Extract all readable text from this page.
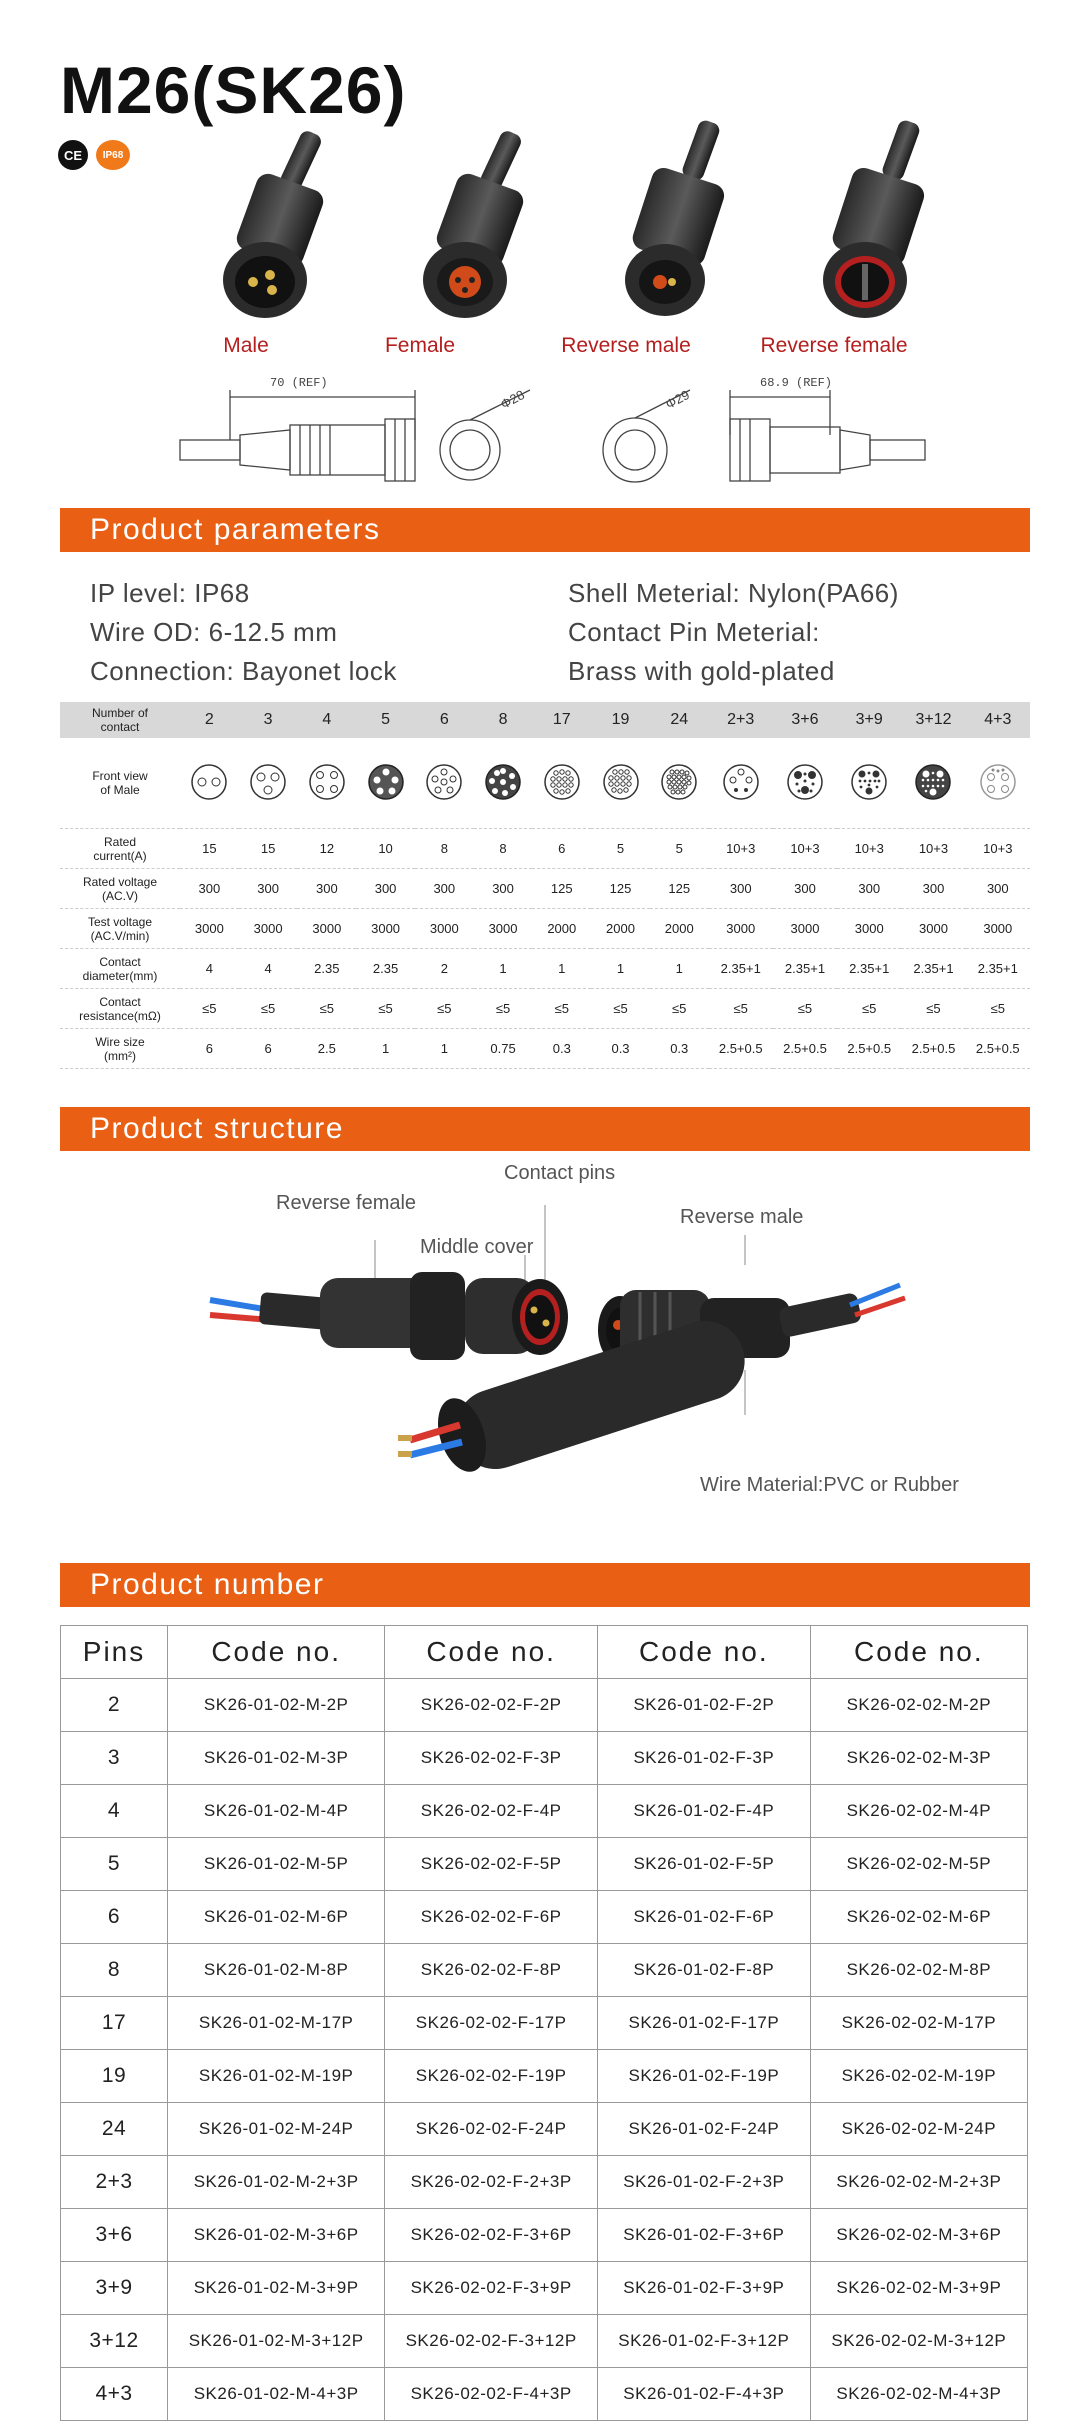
M26(SK26)
CE	IP68
Male	Female	Reverse male	Reverse female
70 (REF)
Φ28	Φ29
68.9 (REF)
Product parameters
IP level: IP68
Wire OD: 6-12.5 mm
Connection: Bayonet lock
Shell Meterial: Nylon(PA66)
Contact Pin Meterial:
Brass with gold-plated
Number of
contact	2	3	4	5	6	8	17	19	24	2+3	3+6	3+9	3+12	4+3
Front view
of Male														
Rated
current(A)	15	15	12	10	8	8	6	5	5	10+3	10+3	10+3	10+3	10+3
Rated voltage
(AC.V)	300	300	300	300	300	300	125	125	125	300	300	300	300	300
Test voltage
(AC.V/min)	3000	3000	3000	3000	3000	3000	2000	2000	2000	3000	3000	3000	3000	3000
Contact
diameter(mm)	4	4	2.35	2.35	2	1	1	1	1	2.35+1	2.35+1	2.35+1	2.35+1	2.35+1
Contact
resistance(mΩ)	≤5	≤5	≤5	≤5	≤5	≤5	≤5	≤5	≤5	≤5	≤5	≤5	≤5	≤5
Wire size
(mm²)	6	6	2.5	1	1	0.75	0.3	0.3	0.3	2.5+0.5	2.5+0.5	2.5+0.5	2.5+0.5	2.5+0.5
Product structure
Reverse female
Contact pins
Middle cover
Reverse male
Wire Material:PVC or Rubber
Product number
Pins	Code no.	Code no.	Code no.	Code no.
2	SK26-01-02-M-2P	SK26-02-02-F-2P	SK26-01-02-F-2P	SK26-02-02-M-2P
3	SK26-01-02-M-3P	SK26-02-02-F-3P	SK26-01-02-F-3P	SK26-02-02-M-3P
4	SK26-01-02-M-4P	SK26-02-02-F-4P	SK26-01-02-F-4P	SK26-02-02-M-4P
5	SK26-01-02-M-5P	SK26-02-02-F-5P	SK26-01-02-F-5P	SK26-02-02-M-5P
6	SK26-01-02-M-6P	SK26-02-02-F-6P	SK26-01-02-F-6P	SK26-02-02-M-6P
8	SK26-01-02-M-8P	SK26-02-02-F-8P	SK26-01-02-F-8P	SK26-02-02-M-8P
17	SK26-01-02-M-17P	SK26-02-02-F-17P	SK26-01-02-F-17P	SK26-02-02-M-17P
19	SK26-01-02-M-19P	SK26-02-02-F-19P	SK26-01-02-F-19P	SK26-02-02-M-19P
24	SK26-01-02-M-24P	SK26-02-02-F-24P	SK26-01-02-F-24P	SK26-02-02-M-24P
2+3	SK26-01-02-M-2+3P	SK26-02-02-F-2+3P	SK26-01-02-F-2+3P	SK26-02-02-M-2+3P
3+6	SK26-01-02-M-3+6P	SK26-02-02-F-3+6P	SK26-01-02-F-3+6P	SK26-02-02-M-3+6P
3+9	SK26-01-02-M-3+9P	SK26-02-02-F-3+9P	SK26-01-02-F-3+9P	SK26-02-02-M-3+9P
3+12	SK26-01-02-M-3+12P	SK26-02-02-F-3+12P	SK26-01-02-F-3+12P	SK26-02-02-M-3+12P
4+3	SK26-01-02-M-4+3P	SK26-02-02-F-4+3P	SK26-01-02-F-4+3P	SK26-02-02-M-4+3P
